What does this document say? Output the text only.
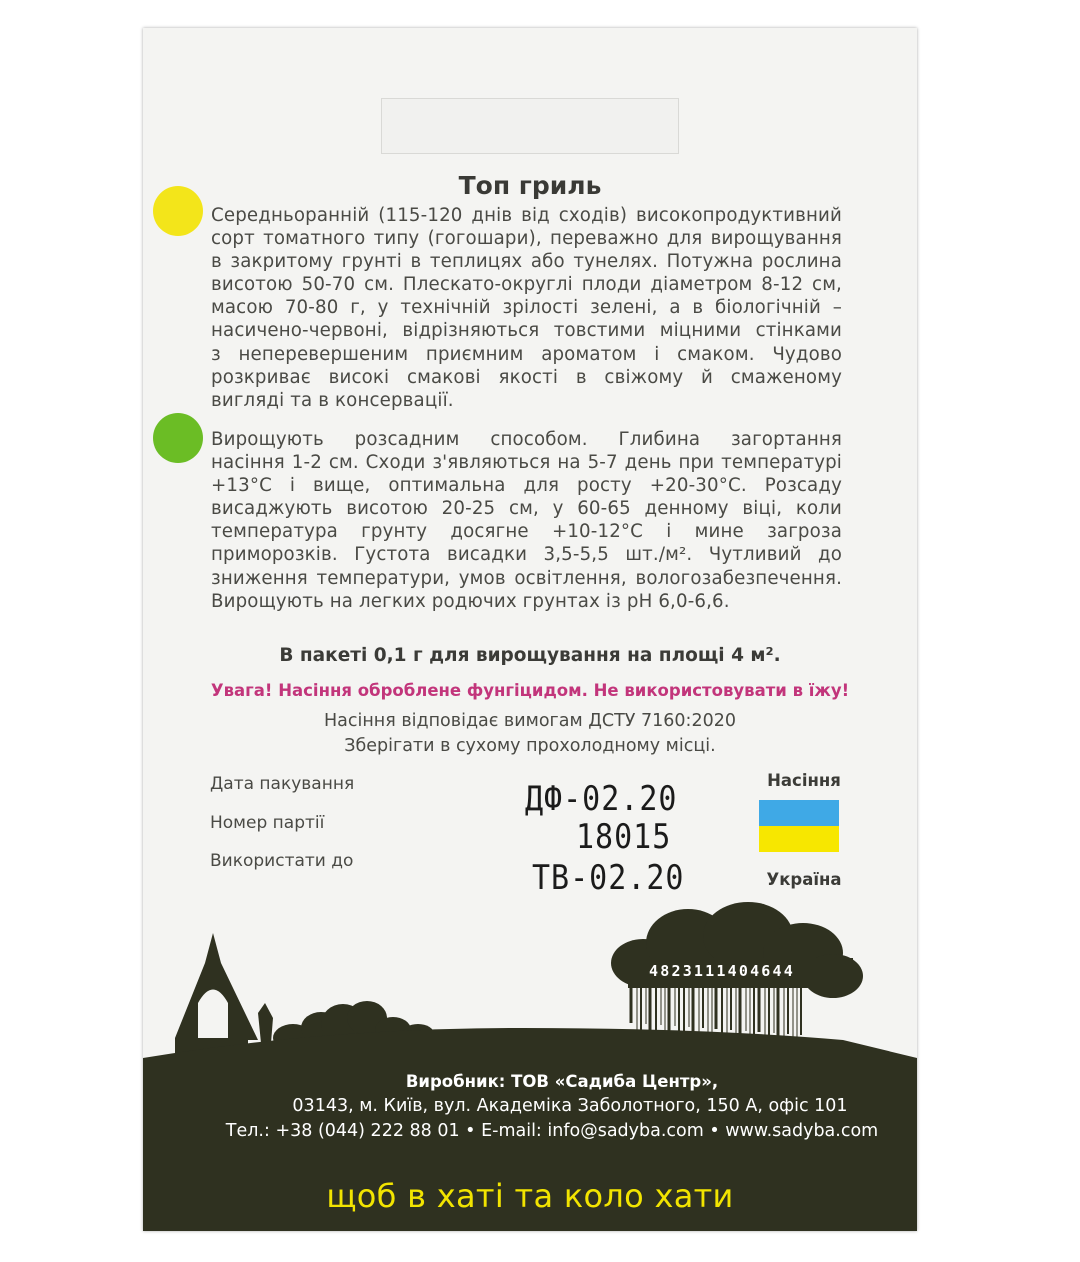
Топ гриль
Середньоранній (115-120 днів від сходів) високопродуктивний
сорт томатного типу (гогошари), переважно для вирощування
в закритому грунті в теплицях або тунелях. Потужна рослина
висотою 50-70 см. Плескато-округлі плоди діаметром 8-12 см,
масою 70-80 г, у технічній зрілості зелені, а в біологічній –
насичено-червоні, відрізняються товстими міцними стінками
з неперевершеним приємним ароматом і смаком. Чудово
розкриває високі смакові якості в свіжому й смаженому
вигляді та в консервації.
Вирощують розсадним способом. Глибина загортання
насіння 1-2 см. Сходи з'являються на 5-7 день при температурі
+13°С і вище, оптимальна для росту +20-30°С. Розсаду
висаджують висотою 20-25 см, у 60-65 денному віці, коли
температура грунту досягне +10-12°С і мине загроза
приморозків. Густота висадки 3,5-5,5 шт./м². Чутливий до
зниження температури, умов освітлення, вологозабезпечення.
Вирощують на легких родючих грунтах із рН 6,0-6,6.
В пакеті 0,1 г для вирощування на площі 4 м².
Увага! Насіння оброблене фунгіцидом. Не використовувати в їжу!
Насіння відповідає вимогам ДСТУ 7160:2020
Зберігати в сухому прохолодному місці.
Дата пакування
Номер партії
Використати до
ДФ-02.20
18015
ТВ-02.20
Насіння
Україна
4823111404644
Виробник: ТОВ «Садиба Центр»,
03143, м. Київ, вул. Академіка Заболотного, 150 А, офіс 101
Тел.: +38 (044) 222 88 01 • E-mail: info@sadyba.com • www.sadyba.com
щоб в хаті та коло хати
